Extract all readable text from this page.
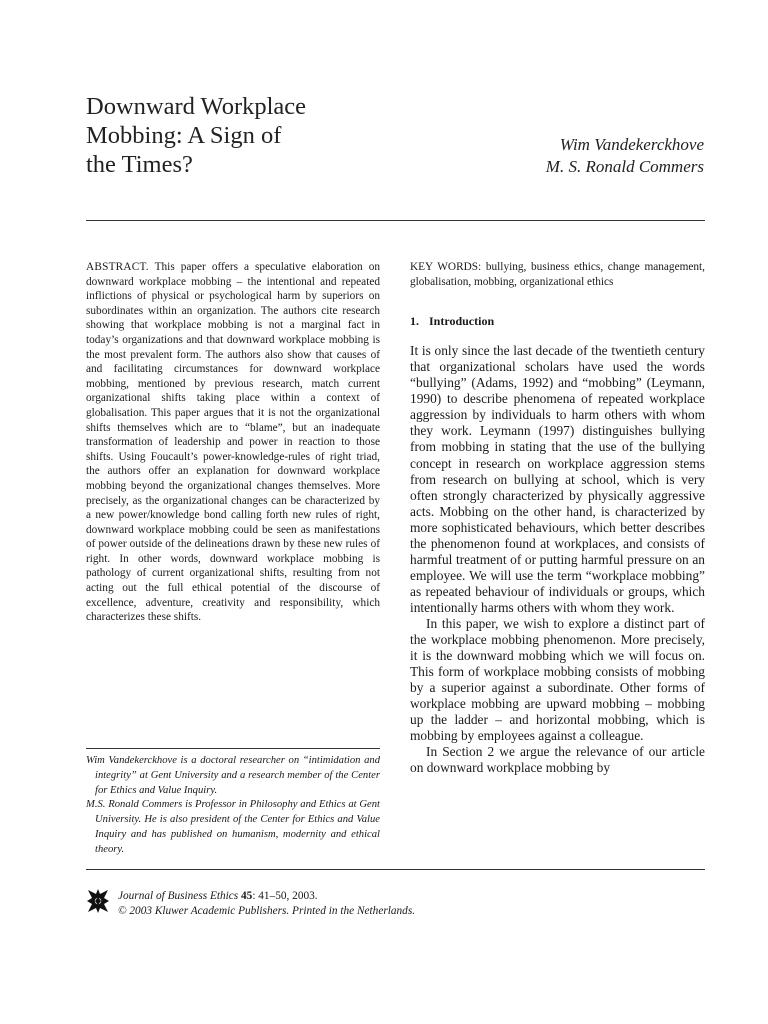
Downward Workplace
Mobbing: A Sign of
the Times?
Wim Vandekerckhove
M. S. Ronald Commers
ABSTRACT. This paper offers a speculative elaboration on downward workplace mobbing – the intentional and repeated inflictions of physical or psychological harm by superiors on subordinates within an organization. The authors cite research showing that workplace mobbing is not a marginal fact in today’s organizations and that downward workplace mobbing is the most prevalent form. The authors also show that causes of and facilitating circumstances for downward workplace mobbing, mentioned by previous research, match current organizational shifts taking place within a context of globalisation. This paper argues that it is not the organizational shifts themselves which are to “blame”, but an inadequate transformation of leadership and power in reaction to those shifts. Using Foucault’s power-knowledge-rules of right triad, the authors offer an explanation for downward workplace mobbing beyond the organizational changes themselves. More precisely, as the organizational changes can be characterized by a new power/knowledge bond calling forth new rules of right, downward workplace mobbing could be seen as manifestations of power outside of the delineations drawn by these new rules of right. In other words, downward workplace mobbing is pathology of current organizational shifts, resulting from not acting out the full ethical potential of the discourse of excellence, adventure, creativity and responsibility, which characterizes these shifts.

Wim Vandekerckhove is a doctoral researcher on “intimidation and integrity” at Gent University and a research member of the Center for Ethics and Value Inquiry.

M.S. Ronald Commers is Professor in Philosophy and Ethics at Gent University. He is also president of the Center for Ethics and Value Inquiry and has published on humanism, modernity and ethical theory.

KEY WORDS: bullying, business ethics, change management, globalisation, mobbing, organizational ethics
1. Introduction

It is only since the last decade of the twentieth century that organizational scholars have used the words “bullying” (Adams, 1992) and “mobbing” (Leymann, 1990) to describe phenomena of repeated workplace aggression by individuals to harm others with whom they work. Leymann (1997) distinguishes bullying from mobbing in stating that the use of the bullying concept in research on workplace aggression stems from research on bullying at school, which is very often strongly characterized by physically aggressive acts. Mobbing on the other hand, is characterized by more sophisticated behaviours, which better describes the phenomenon found at workplaces, and consists of harmful treatment of or putting harmful pressure on an employee. We will use the term “workplace mobbing” as repeated behaviour of individuals or groups, which intentionally harms others with whom they work.

In this paper, we wish to explore a distinct part of the workplace mobbing phenomenon. More precisely, it is the downward mobbing which we will focus on. This form of workplace mobbing consists of mobbing by a superior against a subordinate. Other forms of workplace mobbing are upward mobbing – mobbing up the ladder – and horizontal mobbing, which is mobbing by employees against a colleague.

In Section 2 we argue the relevance of our article on downward workplace mobbing by

Journal of Business Ethics 45: 41–50, 2003.
© 2003 Kluwer Academic Publishers. Printed in the Netherlands.
